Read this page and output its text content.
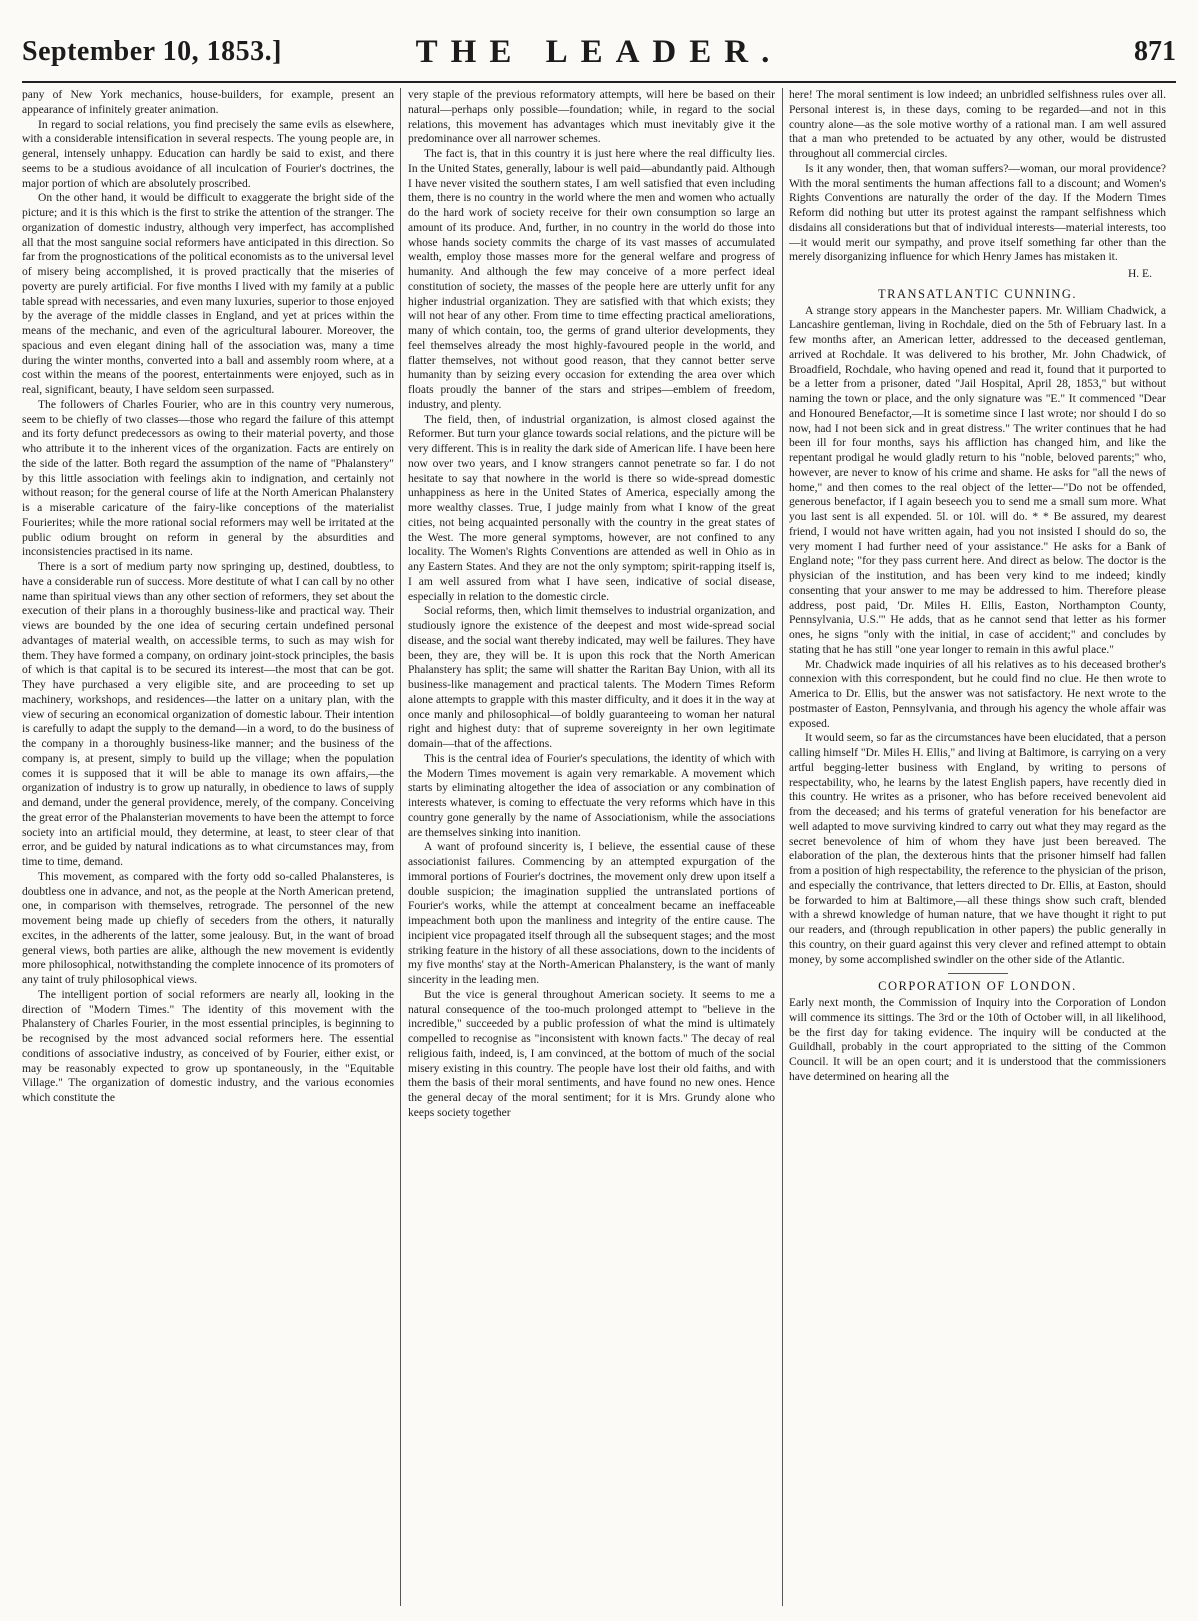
September 10, 1853.]	THE LEADER.	871

pany of New York mechanics, house-builders, for example, present an appearance of infinitely greater animation.

In regard to social relations, you find precisely the same evils as elsewhere, with a considerable intensification in several respects. The young people are, in general, intensely unhappy. Education can hardly be said to exist, and there seems to be a studious avoidance of all inculcation of Fourier's doctrines, the major portion of which are absolutely proscribed.

On the other hand, it would be difficult to exaggerate the bright side of the picture; and it is this which is the first to strike the attention of the stranger. The organization of domestic industry, although very imperfect, has accomplished all that the most sanguine social reformers have anticipated in this direction. So far from the prognostications of the political economists as to the universal level of misery being accomplished, it is proved practically that the miseries of poverty are purely artificial. For five months I lived with my family at a public table spread with necessaries, and even many luxuries, superior to those enjoyed by the average of the middle classes in England, and yet at prices within the means of the mechanic, and even of the agricultural labourer. Moreover, the spacious and even elegant dining hall of the association was, many a time during the winter months, converted into a ball and assembly room where, at a cost within the means of the poorest, entertainments were enjoyed, such as in real, significant, beauty, I have seldom seen surpassed.

The followers of Charles Fourier, who are in this country very numerous, seem to be chiefly of two classes—those who regard the failure of this attempt and its forty defunct predecessors as owing to their material poverty, and those who attribute it to the inherent vices of the organization. Facts are entirely on the side of the latter. Both regard the assumption of the name of "Phalanstery" by this little association with feelings akin to indignation, and certainly not without reason; for the general course of life at the North American Phalanstery is a miserable caricature of the fairy-like conceptions of the materialist Fourierites; while the more rational social reformers may well be irritated at the public odium brought on reform in general by the absurdities and inconsistencies practised in its name.

There is a sort of medium party now springing up, destined, doubtless, to have a considerable run of success. More destitute of what I can call by no other name than spiritual views than any other section of reformers, they set about the execution of their plans in a thoroughly business-like and practical way. Their views are bounded by the one idea of securing certain undefined personal advantages of material wealth, on accessible terms, to such as may wish for them. They have formed a company, on ordinary joint-stock principles, the basis of which is that capital is to be secured its interest—the most that can be got. They have purchased a very eligible site, and are proceeding to set up machinery, workshops, and residences—the latter on a unitary plan, with the view of securing an economical organization of domestic labour. Their intention is carefully to adapt the supply to the demand—in a word, to do the business of the company in a thoroughly business-like manner; and the business of the company is, at present, simply to build up the village; when the population comes it is supposed that it will be able to manage its own affairs,—the organization of industry is to grow up naturally, in obedience to laws of supply and demand, under the general providence, merely, of the company. Conceiving the great error of the Phalansterian movements to have been the attempt to force society into an artificial mould, they determine, at least, to steer clear of that error, and be guided by natural indications as to what circumstances may, from time to time, demand.

This movement, as compared with the forty odd so-called Phalansteres, is doubtless one in advance, and not, as the people at the North American pretend, one, in comparison with themselves, retrograde. The personnel of the new movement being made up chiefly of seceders from the others, it naturally excites, in the adherents of the latter, some jealousy. But, in the want of broad general views, both parties are alike, although the new movement is evidently more philosophical, notwithstanding the complete innocence of its promoters of any taint of truly philosophical views.

The intelligent portion of social reformers are nearly all, looking in the direction of "Modern Times." The identity of this movement with the Phalanstery of Charles Fourier, in the most essential principles, is beginning to be recognised by the most advanced social reformers here. The essential conditions of associative industry, as conceived of by Fourier, either exist, or may be reasonably expected to grow up spontaneously, in the "Equitable Village." The organization of domestic industry, and the various economies which constitute the

very staple of the previous reformatory attempts, will here be based on their natural—perhaps only possible—foundation; while, in regard to the social relations, this movement has advantages which must inevitably give it the predominance over all narrower schemes.

The fact is, that in this country it is just here where the real difficulty lies. In the United States, generally, labour is well paid—abundantly paid. Although I have never visited the southern states, I am well satisfied that even including them, there is no country in the world where the men and women who actually do the hard work of society receive for their own consumption so large an amount of its produce. And, further, in no country in the world do those into whose hands society commits the charge of its vast masses of accumulated wealth, employ those masses more for the general welfare and progress of humanity. And although the few may conceive of a more perfect ideal constitution of society, the masses of the people here are utterly unfit for any higher industrial organization. They are satisfied with that which exists; they will not hear of any other. From time to time effecting practical ameliorations, many of which contain, too, the germs of grand ulterior developments, they feel themselves already the most highly-favoured people in the world, and flatter themselves, not without good reason, that they cannot better serve humanity than by seizing every occasion for extending the area over which floats proudly the banner of the stars and stripes—emblem of freedom, industry, and plenty.

The field, then, of industrial organization, is almost closed against the Reformer. But turn your glance towards social relations, and the picture will be very different. This is in reality the dark side of American life. I have been here now over two years, and I know strangers cannot penetrate so far. I do not hesitate to say that nowhere in the world is there so wide-spread domestic unhappiness as here in the United States of America, especially among the more wealthy classes. True, I judge mainly from what I know of the great cities, not being acquainted personally with the country in the great states of the West. The more general symptoms, however, are not confined to any locality. The Women's Rights Conventions are attended as well in Ohio as in any Eastern States. And they are not the only symptom; spirit-rapping itself is, I am well assured from what I have seen, indicative of social disease, especially in relation to the domestic circle.

Social reforms, then, which limit themselves to industrial organization, and studiously ignore the existence of the deepest and most wide-spread social disease, and the social want thereby indicated, may well be failures. They have been, they are, they will be. It is upon this rock that the North American Phalanstery has split; the same will shatter the Raritan Bay Union, with all its business-like management and practical talents. The Modern Times Reform alone attempts to grapple with this master difficulty, and it does it in the way at once manly and philosophical—of boldly guaranteeing to woman her natural right and highest duty: that of supreme sovereignty in her own legitimate domain—that of the affections.

This is the central idea of Fourier's speculations, the identity of which with the Modern Times movement is again very remarkable. A movement which starts by eliminating altogether the idea of association or any combination of interests whatever, is coming to effectuate the very reforms which have in this country gone generally by the name of Associationism, while the associations are themselves sinking into inanition.

A want of profound sincerity is, I believe, the essential cause of these associationist failures. Commencing by an attempted expurgation of the immoral portions of Fourier's doctrines, the movement only drew upon itself a double suspicion; the imagination supplied the untranslated portions of Fourier's works, while the attempt at concealment became an ineffaceable impeachment both upon the manliness and integrity of the entire cause. The incipient vice propagated itself through all the subsequent stages; and the most striking feature in the history of all these associations, down to the incidents of my five months' stay at the North-American Phalanstery, is the want of manly sincerity in the leading men.

But the vice is general throughout American society. It seems to me a natural consequence of the too-much prolonged attempt to "believe in the incredible," succeeded by a public profession of what the mind is ultimately compelled to recognise as "inconsistent with known facts." The decay of real religious faith, indeed, is, I am convinced, at the bottom of much of the social misery existing in this country. The people have lost their old faiths, and with them the basis of their moral sentiments, and have found no new ones. Hence the general decay of the moral sentiment; for it is Mrs. Grundy alone who keeps society together

here! The moral sentiment is low indeed; an unbridled selfishness rules over all. Personal interest is, in these days, coming to be regarded—and not in this country alone—as the sole motive worthy of a rational man. I am well assured that a man who pretended to be actuated by any other, would be distrusted throughout all commercial circles.

Is it any wonder, then, that woman suffers?—woman, our moral providence? With the moral sentiments the human affections fall to a discount; and Women's Rights Conventions are naturally the order of the day. If the Modern Times Reform did nothing but utter its protest against the rampant selfishness which disdains all considerations but that of individual interests—material interests, too—it would merit our sympathy, and prove itself something far other than the merely disorganizing influence for which Henry James has mistaken it.

H. E.
TRANSATLANTIC CUNNING.

A strange story appears in the Manchester papers. Mr. William Chadwick, a Lancashire gentleman, living in Rochdale, died on the 5th of February last. In a few months after, an American letter, addressed to the deceased gentleman, arrived at Rochdale. It was delivered to his brother, Mr. John Chadwick, of Broadfield, Rochdale, who having opened and read it, found that it purported to be a letter from a prisoner, dated "Jail Hospital, April 28, 1853," but without naming the town or place, and the only signature was "E." It commenced "Dear and Honoured Benefactor,—It is sometime since I last wrote; nor should I do so now, had I not been sick and in great distress." The writer continues that he had been ill for four months, says his affliction has changed him, and like the repentant prodigal he would gladly return to his "noble, beloved parents;" who, however, are never to know of his crime and shame. He asks for "all the news of home," and then comes to the real object of the letter—"Do not be offended, generous benefactor, if I again beseech you to send me a small sum more. What you last sent is all expended. 5l. or 10l. will do. * * Be assured, my dearest friend, I would not have written again, had you not insisted I should do so, the very moment I had further need of your assistance." He asks for a Bank of England note; "for they pass current here. And direct as below. The doctor is the physician of the institution, and has been very kind to me indeed; kindly consenting that your answer to me may be addressed to him. Therefore please address, post paid, 'Dr. Miles H. Ellis, Easton, Northampton County, Pennsylvania, U.S.'" He adds, that as he cannot send that letter as his former ones, he signs "only with the initial, in case of accident;" and concludes by stating that he has still "one year longer to remain in this awful place."

Mr. Chadwick made inquiries of all his relatives as to his deceased brother's connexion with this correspondent, but he could find no clue. He then wrote to America to Dr. Ellis, but the answer was not satisfactory. He next wrote to the postmaster of Easton, Pennsylvania, and through his agency the whole affair was exposed.

It would seem, so far as the circumstances have been elucidated, that a person calling himself "Dr. Miles H. Ellis," and living at Baltimore, is carrying on a very artful begging-letter business with England, by writing to persons of respectability, who, he learns by the latest English papers, have recently died in this country. He writes as a prisoner, who has before received benevolent aid from the deceased; and his terms of grateful veneration for his benefactor are well adapted to move surviving kindred to carry out what they may regard as the secret benevolence of him of whom they have just been bereaved. The elaboration of the plan, the dexterous hints that the prisoner himself had fallen from a position of high respectability, the reference to the physician of the prison, and especially the contrivance, that letters directed to Dr. Ellis, at Easton, should be forwarded to him at Baltimore,—all these things show such craft, blended with a shrewd knowledge of human nature, that we have thought it right to put our readers, and (through republication in other papers) the public generally in this country, on their guard against this very clever and refined attempt to obtain money, by some accomplished swindler on the other side of the Atlantic.

CORPORATION OF LONDON.

Early next month, the Commission of Inquiry into the Corporation of London will commence its sittings. The 3rd or the 10th of October will, in all likelihood, be the first day for taking evidence. The inquiry will be conducted at the Guildhall, probably in the court appropriated to the sitting of the Common Council. It will be an open court; and it is understood that the commissioners have determined on hearing all the
